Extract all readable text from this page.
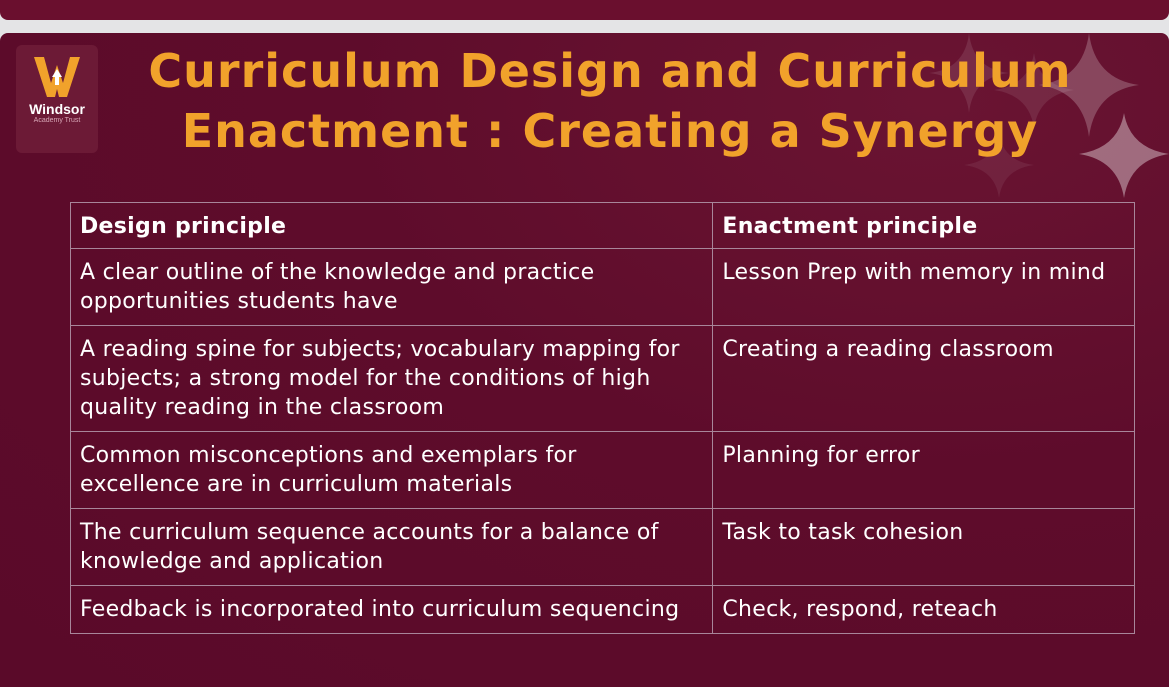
Windsor
Academy Trust
Curriculum Design and Curriculum
Enactment : Creating a Synergy
Design principle	Enactment principle
A clear outline of the knowledge and practice opportunities students have	Lesson Prep with memory in mind
A reading spine for subjects; vocabulary mapping for subjects; a strong model for the conditions of high quality reading in the classroom	Creating a reading classroom
Common misconceptions and exemplars for excellence are in curriculum materials	Planning for error
The curriculum sequence accounts for a balance of knowledge and application	Task to task cohesion
Feedback is incorporated into curriculum sequencing	Check, respond, reteach
